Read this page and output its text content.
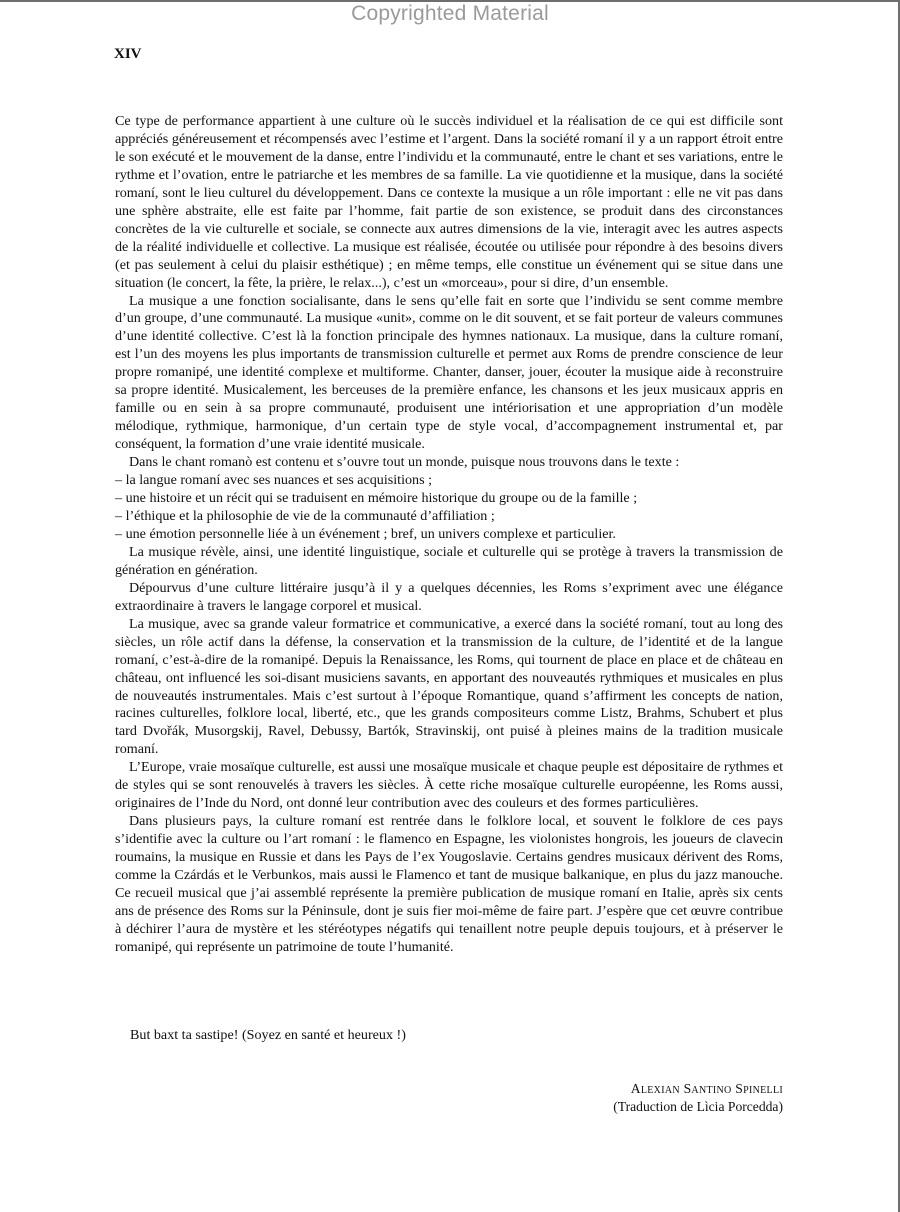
Copyrighted Material
XIV

Ce type de performance appartient à une culture où le succès individuel et la réalisation de ce qui est difficile sont appréciés généreusement et récompensés avec l’estime et l’argent. Dans la société romaní il y a un rapport étroit entre le son exécuté et le mouvement de la danse, entre l’individu et la communauté, entre le chant et ses variations, entre le rythme et l’ovation, entre le patriarche et les membres de sa famille. La vie quotidienne et la musique, dans la société romaní, sont le lieu culturel du développement. Dans ce contexte la musique a un rôle important : elle ne vit pas dans une sphère abstraite, elle est faite par l’homme, fait partie de son existence, se produit dans des circonstances concrètes de la vie culturelle et sociale, se connecte aux autres dimensions de la vie, interagit avec les autres aspects de la réalité individuelle et collective. La musique est réalisée, écoutée ou utilisée pour répondre à des besoins divers (et pas seulement à celui du plaisir esthétique) ; en même temps, elle constitue un événement qui se situe dans une situation (le concert, la fête, la prière, le relax...), c’est un «morceau», pour si dire, d’un ensemble.

La musique a une fonction socialisante, dans le sens qu’elle fait en sorte que l’individu se sent comme membre d’un groupe, d’une communauté. La musique «unit», comme on le dit souvent, et se fait porteur de valeurs communes d’une identité collective. C’est là la fonction principale des hymnes nationaux. La musique, dans la culture romaní, est l’un des moyens les plus importants de transmission culturelle et permet aux Roms de prendre conscience de leur propre romanipé, une identité complexe et multiforme. Chanter, danser, jouer, écouter la musique aide à reconstruire sa propre identité. Musicalement, les berceuses de la première enfance, les chansons et les jeux musicaux appris en famille ou en sein à sa propre communauté, produisent une intériorisation et une appropriation d’un modèle mélodique, rythmique, harmonique, d’un certain type de style vocal, d’accompagnement instrumental et, par conséquent, la formation d’une vraie identité musicale.

Dans le chant romanò est contenu et s’ouvre tout un monde, puisque nous trouvons dans le texte :

– la langue romaní avec ses nuances et ses acquisitions ;

– une histoire et un récit qui se traduisent en mémoire historique du groupe ou de la famille ;

– l’éthique et la philosophie de vie de la communauté d’affiliation ;

– une émotion personnelle liée à un événement ; bref, un univers complexe et particulier.

La musique révèle, ainsi, une identité linguistique, sociale et culturelle qui se protège à travers la transmission de génération en génération.

Dépourvus d’une culture littéraire jusqu’à il y a quelques décennies, les Roms s’expriment avec une élégance extraordinaire à travers le langage corporel et musical.

La musique, avec sa grande valeur formatrice et communicative, a exercé dans la société romaní, tout au long des siècles, un rôle actif dans la défense, la conservation et la transmission de la culture, de l’identité et de la langue romaní, c’est-à-dire de la romanipé. Depuis la Renaissance, les Roms, qui tournent de place en place et de château en château, ont influencé les soi-disant musiciens savants, en apportant des nouveautés rythmiques et musicales en plus de nouveautés instrumentales. Mais c’est surtout à l’époque Romantique, quand s’affirment les concepts de nation, racines culturelles, folklore local, liberté, etc., que les grands compositeurs comme Listz, Brahms, Schubert et plus tard Dvořák, Musorgskij, Ravel, Debussy, Bartók, Stravinskij, ont puisé à pleines mains de la tradition musicale romaní.

L’Europe, vraie mosaïque culturelle, est aussi une mosaïque musicale et chaque peuple est dépositaire de rythmes et de styles qui se sont renouvelés à travers les siècles. À cette riche mosaïque culturelle européenne, les Roms aussi, originaires de l’Inde du Nord, ont donné leur contribution avec des couleurs et des formes particulières.

Dans plusieurs pays, la culture romaní est rentrée dans le folklore local, et souvent le folklore de ces pays s’identifie avec la culture ou l’art romaní : le flamenco en Espagne, les violonistes hongrois, les joueurs de clavecin roumains, la musique en Russie et dans les Pays de l’ex Yougoslavie. Certains gendres musicaux dérivent des Roms, comme la Czárdás et le Verbunkos, mais aussi le Flamenco et tant de musique balkanique, en plus du jazz manouche. Ce recueil musical que j’ai assemblé représente la première publication de musique romaní en Italie, après six cents ans de présence des Roms sur la Péninsule, dont je suis fier moi-même de faire part. J’espère que cet œuvre contribue à déchirer l’aura de mystère et les stéréotypes négatifs qui tenaillent notre peuple depuis toujours, et à préserver le romanipé, qui représente un patrimoine de toute l’humanité.

But baxt ta sastipe! (Soyez en santé et heureux !)
Alexian Santino Spinelli
(Traduction de Lìcia Porcedda)
